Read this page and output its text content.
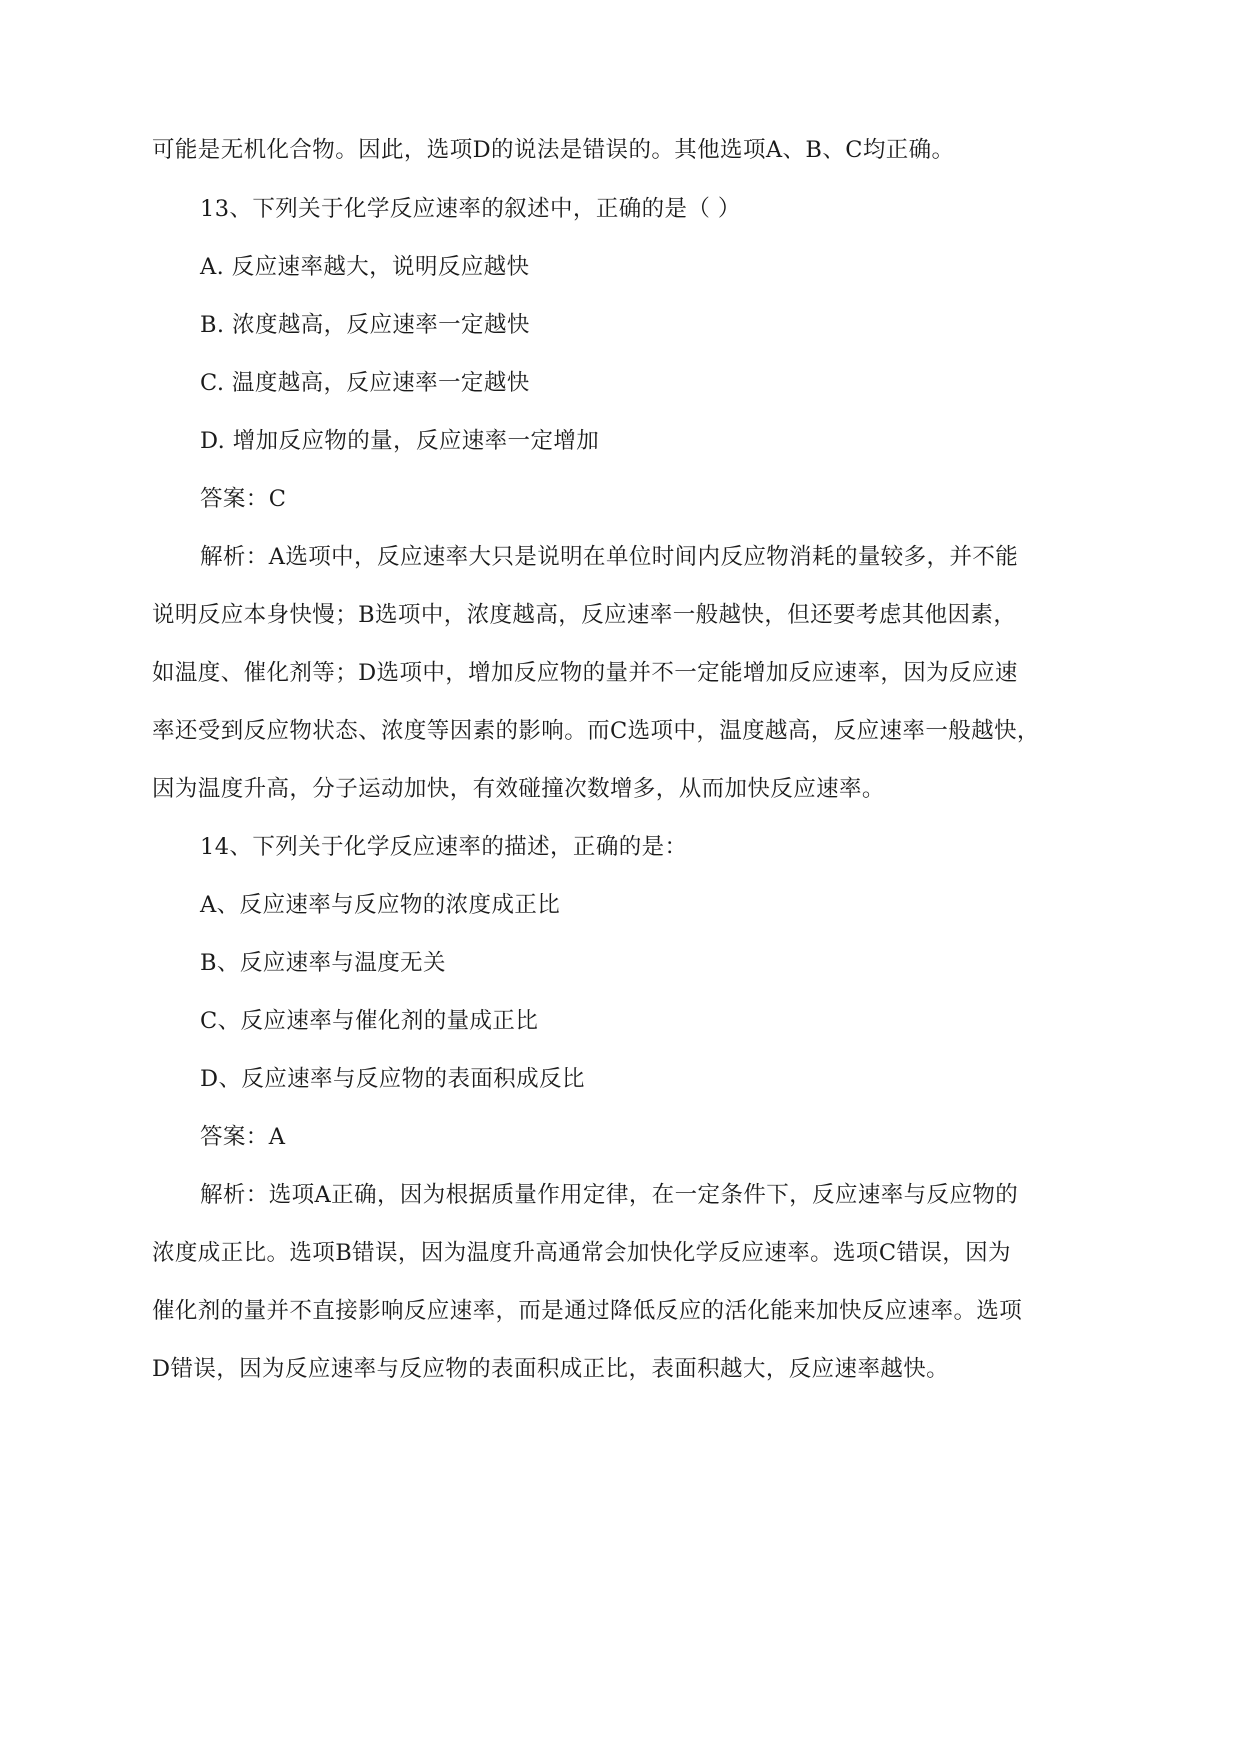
可能是无机化合物。因此，选项D的说法是错误的。其他选项A、B、C均正确。
13、下列关于化学反应速率的叙述中，正确的是（ ）
A. 反应速率越大，说明反应越快
B. 浓度越高，反应速率一定越快
C. 温度越高，反应速率一定越快
D. 增加反应物的量，反应速率一定增加
答案：C
解析：A选项中，反应速率大只是说明在单位时间内反应物消耗的量较多，并不能
说明反应本身快慢；B选项中，浓度越高，反应速率一般越快，但还要考虑其他因素，
如温度、催化剂等；D选项中，增加反应物的量并不一定能增加反应速率，因为反应速
率还受到反应物状态、浓度等因素的影响。而C选项中，温度越高，反应速率一般越快，
因为温度升高，分子运动加快，有效碰撞次数增多，从而加快反应速率。
14、下列关于化学反应速率的描述，正确的是：
A、反应速率与反应物的浓度成正比
B、反应速率与温度无关
C、反应速率与催化剂的量成正比
D、反应速率与反应物的表面积成反比
答案：A
解析：选项A正确，因为根据质量作用定律，在一定条件下，反应速率与反应物的
浓度成正比。选项B错误，因为温度升高通常会加快化学反应速率。选项C错误，因为
催化剂的量并不直接影响反应速率，而是通过降低反应的活化能来加快反应速率。选项
D错误，因为反应速率与反应物的表面积成正比，表面积越大，反应速率越快。
